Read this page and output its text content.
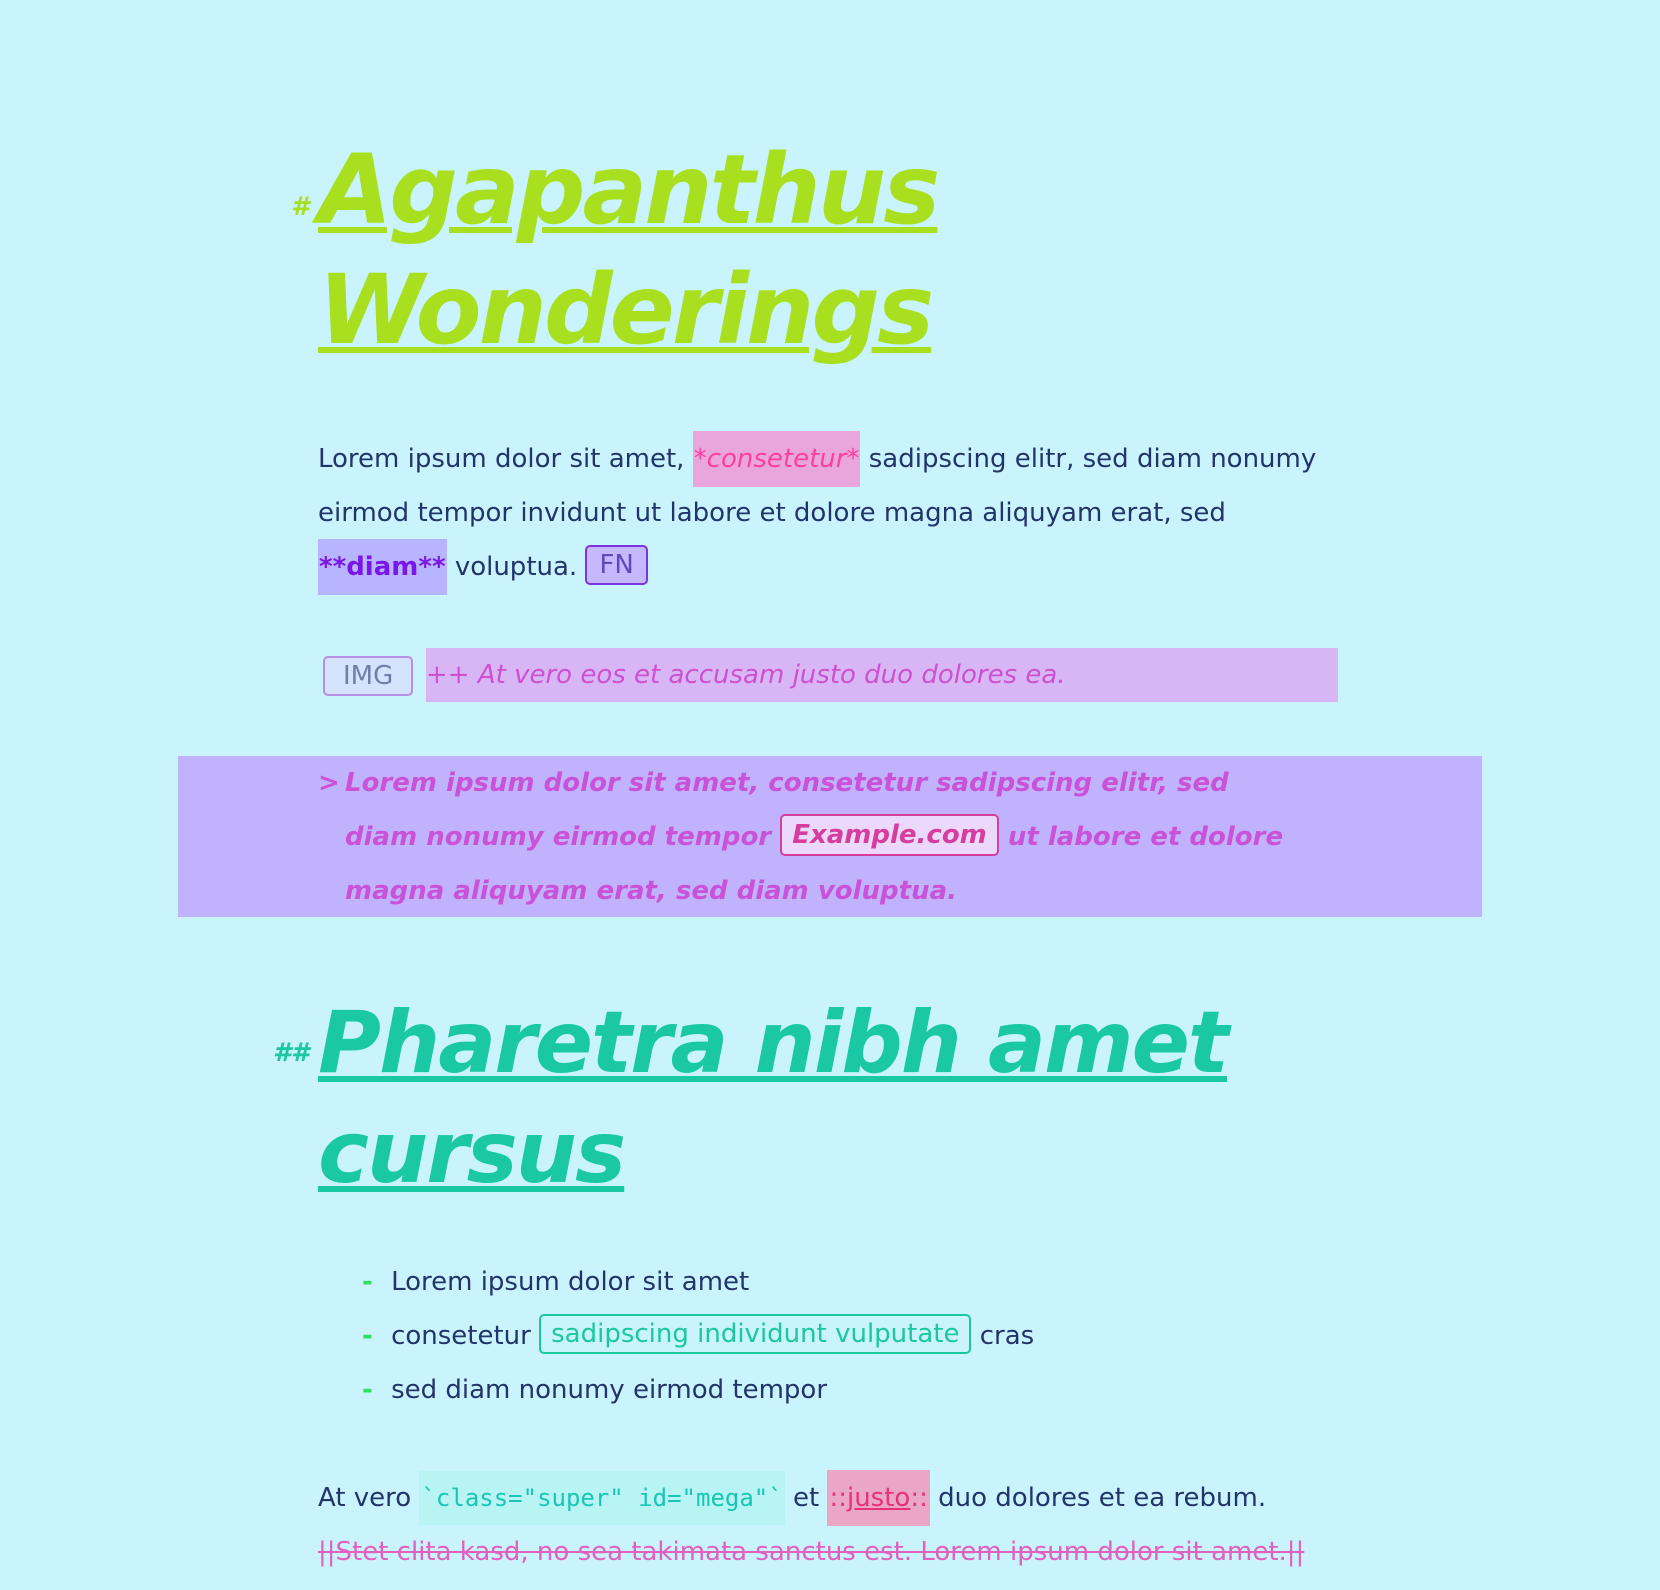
# Agapanthus
Wonderings
Lorem ipsum dolor sit amet, *consetetur* sadipscing elitr, sed diam nonumy eirmod tempor invidunt ut labore et dolore magna aliquyam erat, sed **diam** voluptua. FN
IMG	++ At vero eos et accusam justo duo dolores ea.
> Lorem ipsum dolor sit amet, consetetur sadipscing elitr, sed diam nonumy eirmod tempor Example.com ut labore et dolore magna aliquyam erat, sed diam voluptua.
## Pharetra nibh amet
cursus
- Lorem ipsum dolor sit amet
- consetetur sadipscing individunt vulputate cras
- sed diam nonumy eirmod tempor
At vero `class="super" id="mega"` et ::justo:: duo dolores et ea rebum.
||Stet clita kasd, no sea takimata sanctus est. Lorem ipsum dolor sit amet.||
